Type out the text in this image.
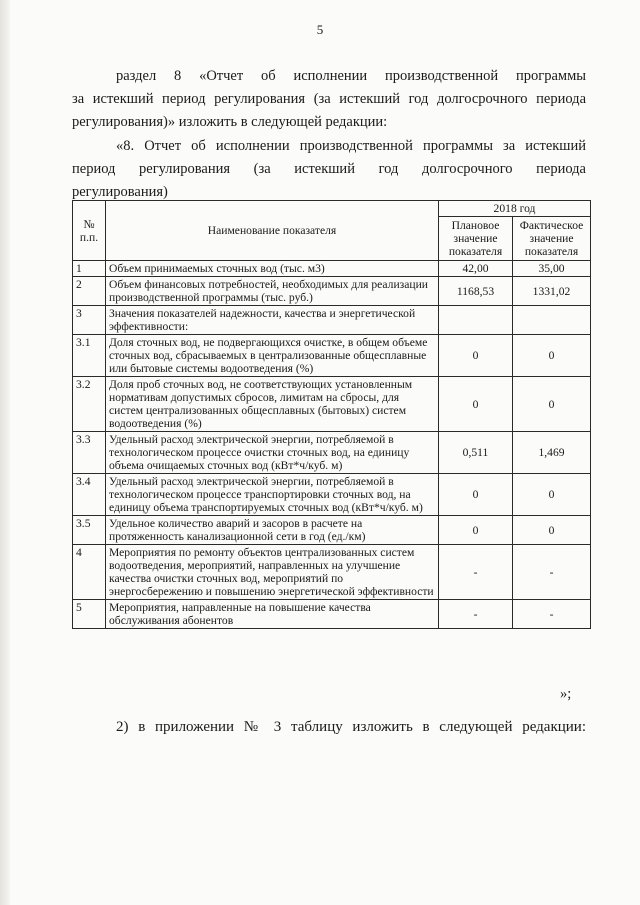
5

раздел 8 «Отчет об исполнении производственной программы

за истекший период регулирования (за истекший год долгосрочного периода

регулирования)» изложить в следующей редакции:

«8. Отчет об исполнении производственной программы за истекший

период регулирования (за истекший год долгосрочного периода

регулирования)

№ п.п.	Наименование показателя	2018 год	
		Плановое значение показателя	Фактическое значение показателя
1	Объем принимаемых сточных вод (тыс. м3)	42,00	35,00
2	Объем финансовых потребностей, необходимых для реализации производственной программы (тыс. руб.)	1168,53	1331,02
3	Значения показателей надежности, качества и энергетической эффективности:		
3.1	Доля сточных вод, не подвергающихся очистке, в общем объеме сточных вод, сбрасываемых в централизованные общесплавные или бытовые системы водоотведения (%)	0	0
3.2	Доля проб сточных вод, не соответствующих установленным нормативам допустимых сбросов, лимитам на сбросы, для систем централизованных общесплавных (бытовых) систем водоотведения (%)	0	0
3.3	Удельный расход электрической энергии, потребляемой в технологическом процессе очистки сточных вод, на единицу объема очищаемых сточных вод (кВт*ч/куб. м)	0,511	1,469
3.4	Удельный расход электрической энергии, потребляемой в технологическом процессе транспортировки сточных вод, на единицу объема транспортируемых сточных вод (кВт*ч/куб. м)	0	0
3.5	Удельное количество аварий и засоров в расчете на протяженность канализационной сети в год (ед./км)	0	0
4	Мероприятия по ремонту объектов централизованных систем водоотведения, мероприятий, направленных на улучшение качества очистки сточных вод, мероприятий по энергосбережению и повышению энергетической эффективности	-	-
5	Мероприятия, направленные на повышение качества обслуживания абонентов	-	-
»;

2) в приложении № 3 таблицу изложить в следующей редакции:
